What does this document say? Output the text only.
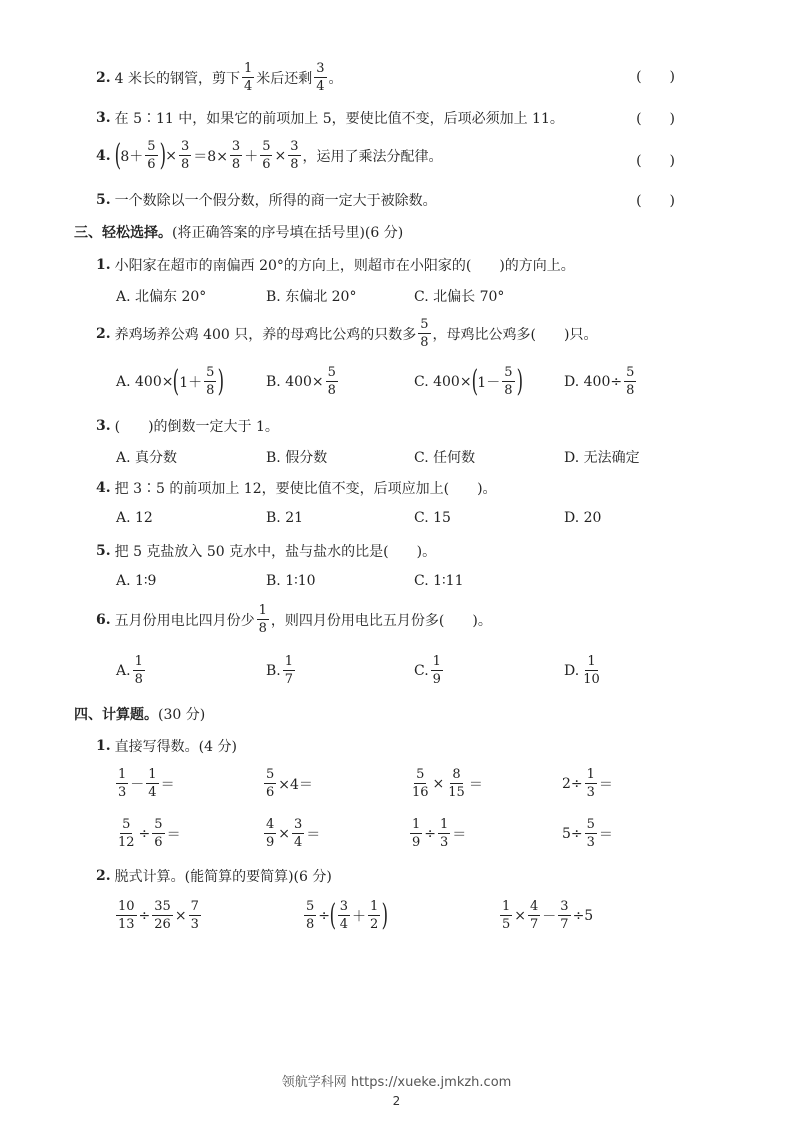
2. 4 米长的钢管，剪下 $\frac{1}{4}$ 米后还剩 $\frac{3}{4}$ 。	(　　)
3. 在 5∶11 中，如果它的前项加上 5，要使比值不变，后项必须加上 11。	(　　)
4. ( $8+ \frac{5}{6}$ ) × $\frac{3}{8} =8\times \frac{3}{8} + \frac{5}{6} \times \frac{3}{8}$ ，运用了乘法分配律。	(　　)
5. 一个数除以一个假分数，所得的商一定大于被除数。	(　　)
三、轻松选择。 (将正确答案的序号填在括号里)(6 分)
1. 小阳家在超市的南偏西 20°的方向上，则超市在小阳家的(　　)的方向上。
A. 北偏东 20°	B. 东偏北 20°	C. 北偏长 70°
2. 养鸡场养公鸡 400 只，养的母鸡比公鸡的只数多 $\frac{5}{8}$ ，母鸡比公鸡多(　　)只。
A. 400× ( $1+ \frac{5}{8}$ )	B. $400\times \frac{5}{8}$	C. 400× ( $1- \frac{5}{8}$ )	D. $400\div \frac{5}{8}$
3. (　　)的倒数一定大于 1。
A. 真分数	B. 假分数	C. 任何数	D. 无法确定
4. 把 3∶5 的前项加上 12，要使比值不变，后项应加上(　　)。
A. 12	B. 21	C. 15	D. 20
5. 把 5 克盐放入 50 克水中，盐与盐水的比是(　　)。
A. 1∶9	B. 1∶10	C. 1∶11
6. 五月份用电比四月份少 $\frac{1}{8}$ ，则四月份用电比五月份多(　　)。
A. $\frac{1}{8}$	B. $\frac{1}{7}$	C. $\frac{1}{9}$	D. $\frac{1}{10}$
四、计算题。 (30 分)
1. 直接写得数。(4 分)
$\frac{1}{3} - \frac{1}{4}$ ＝	$\frac{5}{6} \times 4=$	$\frac{5}{16} \times \frac{8}{15}$ ＝	$2\div \frac{1}{3}$ ＝
$\frac{5}{12} \div \frac{5}{6}$ ＝	$\frac{4}{9} \times \frac{3}{4}$ ＝	$\frac{1}{9} \div \frac{1}{3}$ ＝	$5\div \frac{5}{3}$ ＝
2. 脱式计算。(能简算的要简算)(6 分)
$\frac{10}{13} \div \frac{35}{26} \times \frac{7}{3}$	$\frac{5}{8}$ ÷ ( $\frac{3}{4} + \frac{1}{2}$ )	$\frac{1}{5} \times \frac{4}{7} - \frac{3}{7} \div 5$
领航学科网 https://xueke.jmkzh.com
2
